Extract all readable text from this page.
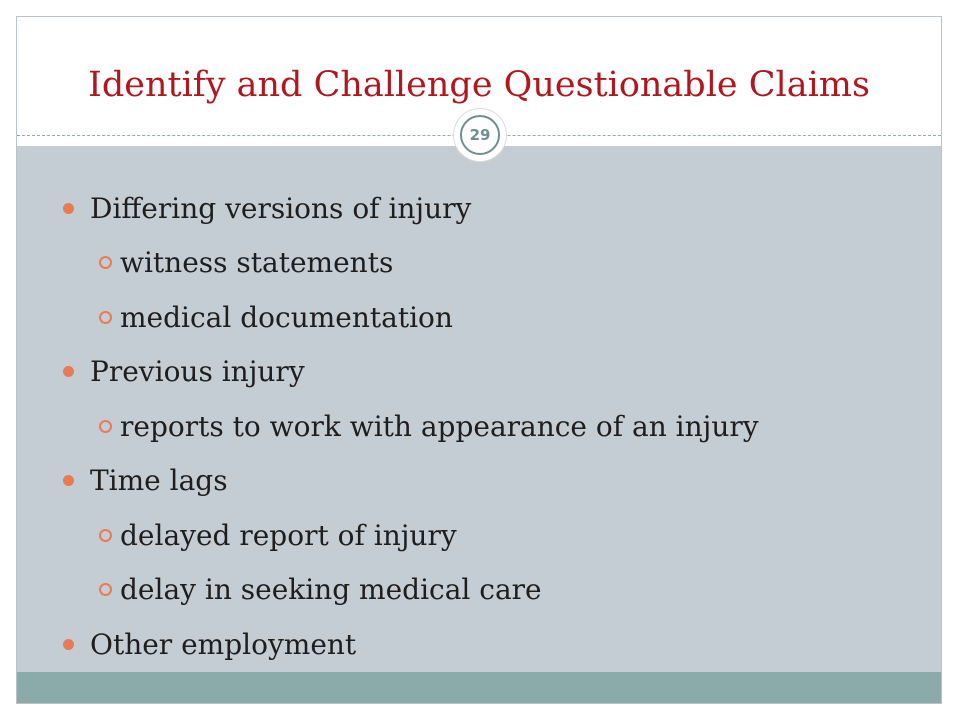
Identify and Challenge Questionable Claims
29
Differing versions of injury
witness statements
medical documentation
Previous injury
reports to work with appearance of an injury
Time lags
delayed report of injury
delay in seeking medical care
Other employment
